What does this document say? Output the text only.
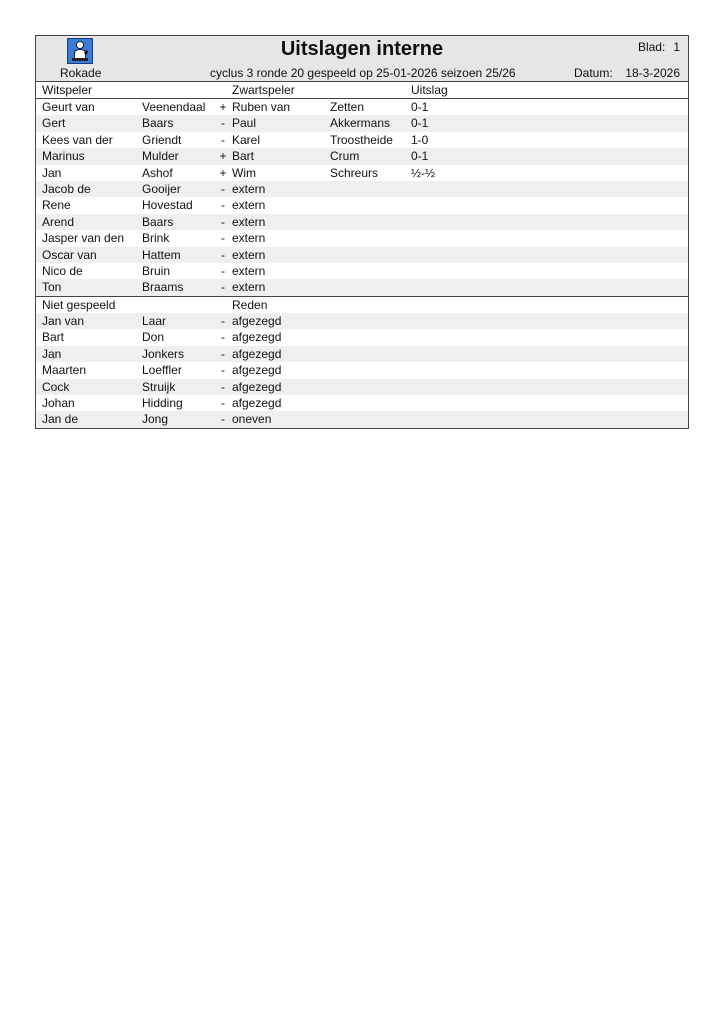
Rokade
Uitslagen interne	Blad: 1
cyclus 3 ronde 20 gespeeld op 25-01-2026 seizoen 25/26	Datum: 18-3-2026
Witspeler	Zwartspeler	Uitslag
Geurt van	Veenendaal + Ruben van	Zetten	0-1
Gert	Baars	- Paul	Akkermans 0-1
Kees van der Griendt	- Karel	Troostheide 1-0
Marinus	Mulder	+ Bart	Crum	0-1
Jan	Ashof	+ Wim	Schreurs	½-½
Jacob de	Gooijer	- extern
Rene	Hovestad	- extern
Arend	Baars	- extern
Jasper van den Brink	- extern
Oscar van	Hattem	- extern
Nico de	Bruin	- extern
Ton	Braams	- extern
Niet gespeeld	Reden
Jan van	Laar	- afgezegd
Bart	Don	- afgezegd
Jan	Jonkers	- afgezegd
Maarten	Loeffler	- afgezegd
Cock	Struijk	- afgezegd
Johan	Hidding	- afgezegd
Jan de	Jong	- oneven
